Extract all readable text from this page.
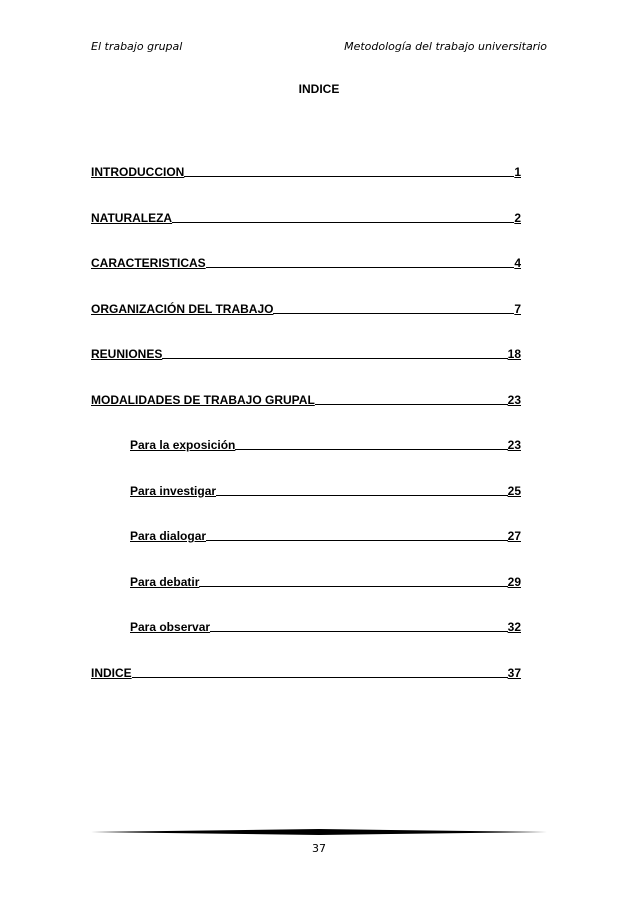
El trabajo grupal	Metodología del trabajo universitario
INDICE
INTRODUCCION	1
NATURALEZA	2
CARACTERISTICAS	4
ORGANIZACIÓN DEL TRABAJO	7
REUNIONES	18
MODALIDADES DE TRABAJO GRUPAL	23
Para la exposición	23
Para investigar	25
Para dialogar	27
Para debatir	29
Para observar	32
INDICE	37
37
